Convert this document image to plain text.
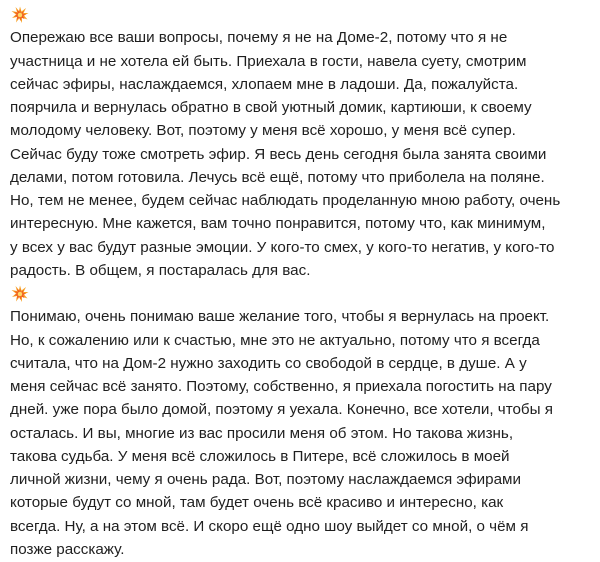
Опережаю все ваши вопросы, почему я не на Доме-2, потому что я не
участница и не хотела ей быть. Приехала в гости, навела суету, смотрим
сейчас эфиры, наслаждаемся, хлопаем мне в ладоши. Да, пожалуйста.
поярчила и вернулась обратно в свой уютный домик, картиюши, к своему
молодому человеку. Вот, поэтому у меня всё хорошо, у меня всё супер.
Сейчас буду тоже смотреть эфир. Я весь день сегодня была занята своими
делами, потом готовила. Лечусь всё ещё, потому что приболела на поляне.
Но, тем не менее, будем сейчас наблюдать проделанную мною работу, очень
интересную. Мне кажется, вам точно понравится, потому что, как минимум,
у всех у вас будут разные эмоции. У кого-то смех, у кого-то негатив, у кого-то
радость. В общем, я постаралась для вас.
Понимаю, очень понимаю ваше желание того, чтобы я вернулась на проект.
Но, к сожалению или к счастью, мне это не актуально, потому что я всегда
считала, что на Дом-2 нужно заходить со свободой в сердце, в душе. А у
меня сейчас всё занято. Поэтому, собственно, я приехала погостить на пару
дней. уже пора было домой, поэтому я уехала. Конечно, все хотели, чтобы я
осталась. И вы, многие из вас просили меня об этом. Но такова жизнь,
такова судьба. У меня всё сложилось в Питере, всё сложилось в моей
личной жизни, чему я очень рада. Вот, поэтому наслаждаемся эфирами
которые будут со мной, там будет очень всё красиво и интересно, как
всегда. Ну, а на этом всё. И скоро ещё одно шоу выйдет со мной, о чём я
позже расскажу.
